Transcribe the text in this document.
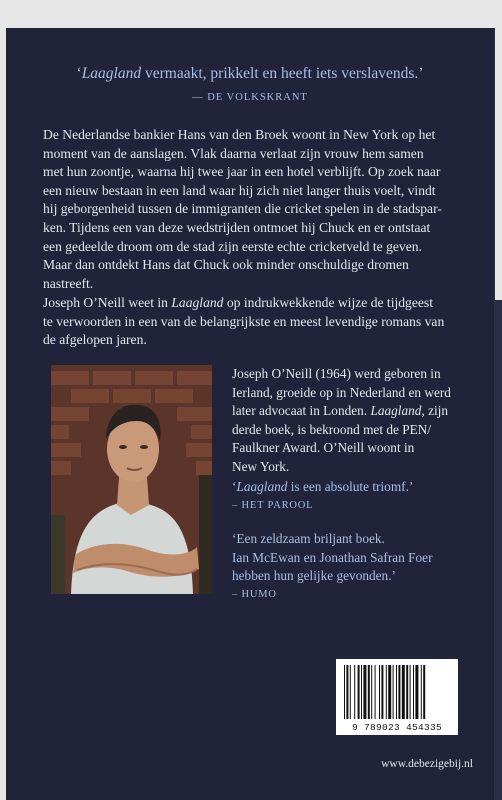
‘Laagland vermaakt, prikkelt en heeft iets verslavends.’
— DE VOLKSKRANT
De Nederlandse bankier Hans van den Broek woont in New York op het
moment van de aanslagen. Vlak daarna verlaat zijn vrouw hem samen
met hun zoontje, waarna hij twee jaar in een hotel verblijft. Op zoek naar
een nieuw bestaan in een land waar hij zich niet langer thuis voelt, vindt
hij geborgenheid tussen de immigranten die cricket spelen in de stadspar-
ken. Tijdens een van deze wedstrijden ontmoet hij Chuck en er ontstaat
een gedeelde droom om de stad zijn eerste echte cricketveld te geven.
Maar dan ontdekt Hans dat Chuck ook minder onschuldige dromen
nastreeft.
Joseph O’Neill weet in Laagland op indrukwekkende wijze de tijdgeest
te verwoorden in een van de belangrijkste en meest levendige romans van
de afgelopen jaren.
Joseph O’Neill (1964) werd geboren in
Ierland, groeide op in Nederland en werd
later advocaat in Londen. Laagland, zijn
derde boek, is bekroond met de PEN/
Faulkner Award. O’Neill woont in
New York.
‘Laagland is een absolute triomf.’
– HET PAROOL
‘Een zeldzaam briljant boek.
Ian McEwan en Jonathan Safran Foer
hebben hun gelijke gevonden.’
– HUMO
9 789023 454335
www.debezigebij.nl
